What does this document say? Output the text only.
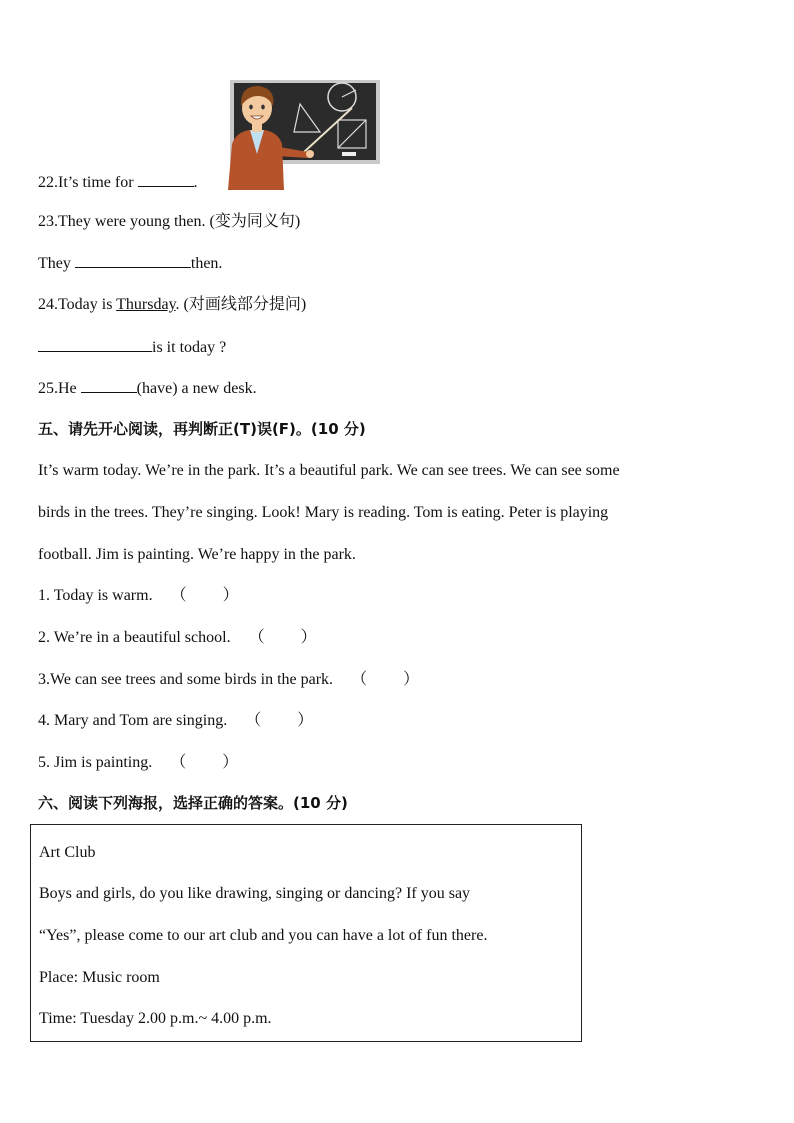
22.It’s time for	.
23.They were young then. (变为同义句)
They	then.
24.Today is Thursday. (对画线部分提问)
is it today ?
25.He	(have) a new desk.
五、请先开心阅读，再判断正(T)误(F)。(10 分)
It’s warm today. We’re in the park. It’s a beautiful park. We can see trees. We can see some
birds in the trees. They’re singing. Look! Mary is reading. Tom is eating. Peter is playing
football. Jim is painting. We’re happy in the park.
1. Today is warm. （         ）
2. We’re in a beautiful school. （         ）
3.We can see trees and some birds in the park. （         ）
4. Mary and Tom are singing. （         ）
5. Jim is painting. （         ）
六、阅读下列海报，选择正确的答案。(10 分)
Art Club
Boys and girls, do you like drawing, singing or dancing? If you say
“Yes”, please come to our art club and you can have a lot of fun there.
Place: Music room
Time: Tuesday 2.00 p.m.~ 4.00 p.m.
